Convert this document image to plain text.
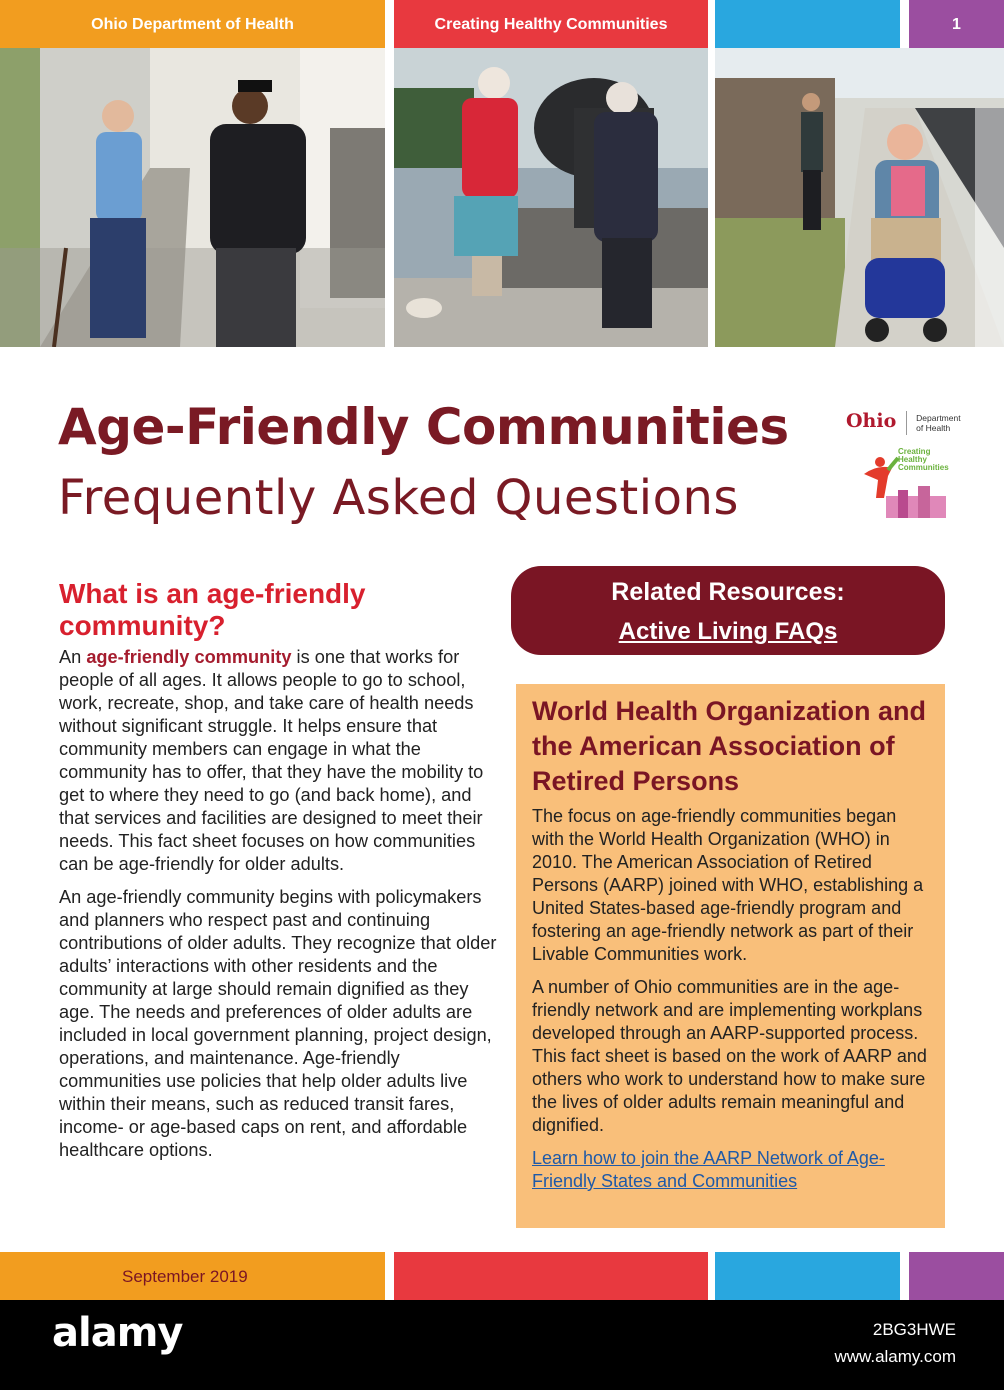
Ohio Department of Health	Creating Healthy Communities	1
Age-Friendly Communities
Frequently Asked Questions
Ohio Department
of Health
Creating
Healthy
Communities
What is an age-friendly community?

An age-friendly community is one that works for people of all ages. It allows people to go to school, work, recreate, shop, and take care of health needs without significant struggle. It helps ensure that community members can engage in what the community has to offer, that they have the mobility to get to where they need to go (and back home), and that services and facilities are designed to meet their needs. This fact sheet focuses on how communities can be age-friendly for older adults.

An age-friendly community begins with policymakers and planners who respect past and continuing contributions of older adults. They recognize that older adults’ interactions with other residents and the community at large should remain dignified as they age. The needs and preferences of older adults are included in local government planning, project design, operations, and maintenance. Age-friendly communities use policies that help older adults live within their means, such as reduced transit fares, income- or age-based caps on rent, and affordable healthcare options.

Related Resources:
Active Living FAQs
World Health Organization and the American Association of Retired Persons

The focus on age-friendly communities began with the World Health Organization (WHO) in 2010. The American Association of Retired Persons (AARP) joined with WHO, establishing a United States-based age-friendly program and fostering an age-friendly network as part of their Livable Communities work.

A number of Ohio communities are in the age-friendly network and are implementing workplans developed through an AARP-supported process. This fact sheet is based on the work of AARP and others who work to understand how to make sure the lives of older adults remain meaningful and dignified.

Learn how to join the AARP Network of Age-Friendly States and Communities
September 2019
alamy	2BG3HWE
www.alamy.com
